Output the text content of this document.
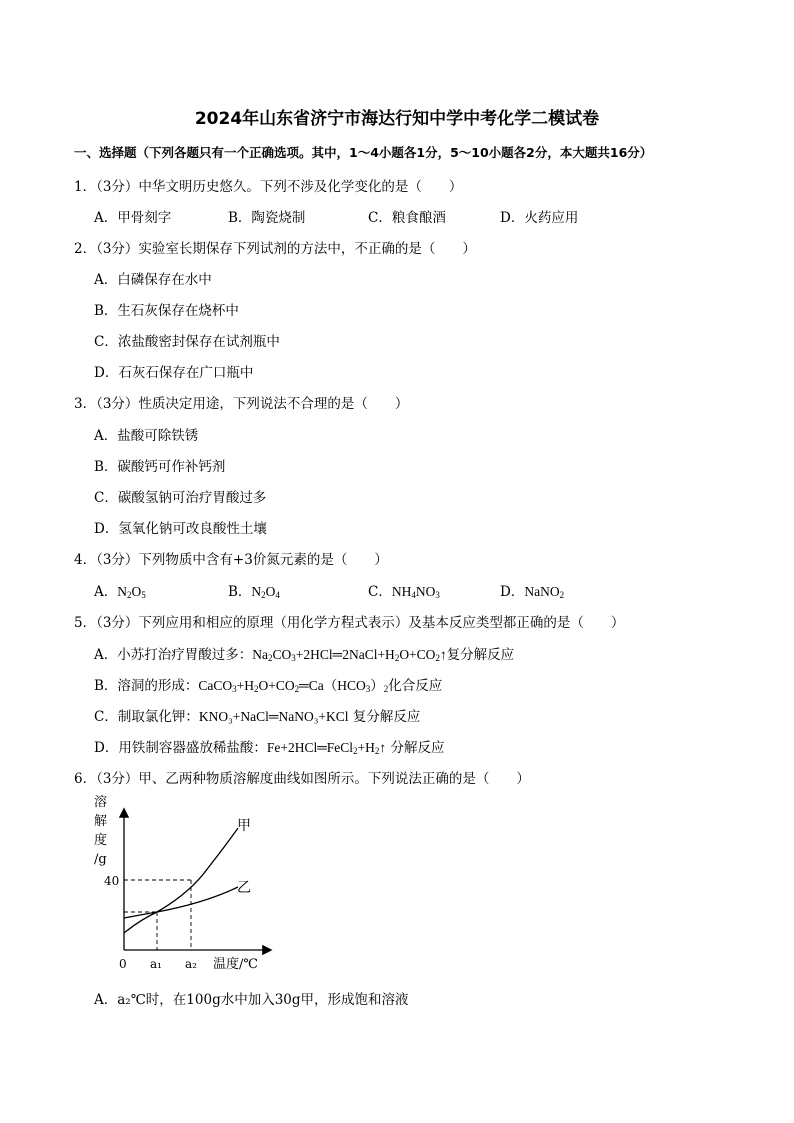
2024年山东省济宁市海达行知中学中考化学二模试卷
一、选择题（下列各题只有一个正确选项。其中，1～4小题各1分，5～10小题各2分，本大题共16分）
1．（3分）中华文明历史悠久。下列不涉及化学变化的是（　　）
A．甲骨刻字	B．陶瓷烧制	C．粮食酿酒	D．火药应用
2．（3分）实验室长期保存下列试剂的方法中，不正确的是（　　）
A．白磷保存在水中
B．生石灰保存在烧杯中
C．浓盐酸密封保存在试剂瓶中
D．石灰石保存在广口瓶中
3．（3分）性质决定用途，下列说法不合理的是（　　）
A．盐酸可除铁锈
B．碳酸钙可作补钙剂
C．碳酸氢钠可治疗胃酸过多
D．氢氧化钠可改良酸性土壤
4．（3分）下列物质中含有+3价氮元素的是（　　）
A．$N_2O_5$	B．$N_2O_4$	C．$NH_4NO_3$	D．NaNO$_2$
5．（3分）下列应用和相应的原理（用化学方程式表示）及基本反应类型都正确的是（　　）
A．小苏打治疗胃酸过多：$Na_2CO_3+2HCl═2NaCl+H_2O+CO_2↑$复分解反应
B．溶洞的形成：$CaCO_3+H_2O+CO_2═Ca(HCO_3)_2$化合反应
C．制取氯化钾：KNO₃+NaCl═NaNO₃+KCl 复分解反应
D．用铁制容器盛放稀盐酸：$Fe+2HCl═FeCl_2+H_2↑$ 分解反应
6．（3分）甲、乙两种物质溶解度曲线如图所示。下列说法正确的是（　　）
溶
解
度
/g
甲
乙
40
0 a₁ a₂ 温度/℃
A．a₂℃时，在100g水中加入30g甲，形成饱和溶液
